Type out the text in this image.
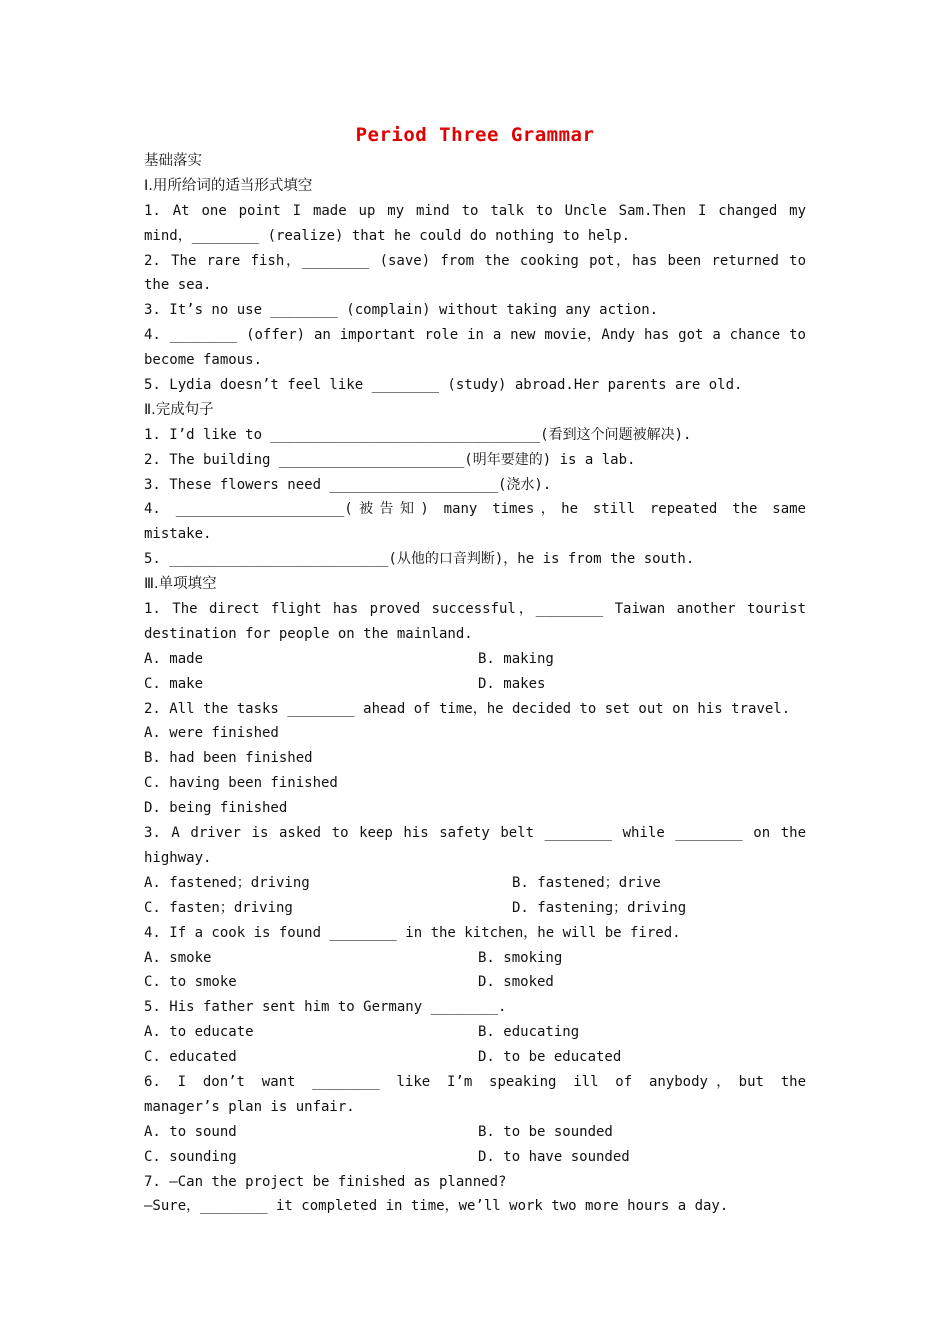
Period Three Grammar
基础落实
Ⅰ.用所给词的适当形式填空
1. At one point I made up my mind to talk to Uncle Sam.Then I changed my
mind，________ (realize) that he could do nothing to help.
2. The rare fish，________ (save) from the cooking pot，has been returned to
the sea.
3. It’s no use ________ (complain) without taking any action.
4. ________ (offer) an important role in a new movie，Andy has got a chance to
become famous.
5. Lydia doesn’t feel like ________ (study) abroad.Her parents are old.
Ⅱ.完成句子
1. I’d like to ________________________________(看到这个问题被解决).
2. The building ______________________(明年要建的) is a lab.
3. These flowers need ____________________(浇水).
4. ____________________(被告知) many times，he still repeated the same
mistake.
5. __________________________(从他的口音判断)，he is from the south.
Ⅲ.单项填空
1. The direct flight has proved successful，________ Taiwan another tourist
destination for people on the mainland.
A. made	B. making
C. make	D. makes
2. All the tasks ________ ahead of time，he decided to set out on his travel.
A. were finished
B. had been finished
C. having been finished
D. being finished
3. A driver is asked to keep his safety belt ________ while ________ on the
highway.
A. fastened；driving	B. fastened；drive
C. fasten；driving	D. fastening；driving
4. If a cook is found ________ in the kitchen，he will be fired.
A. smoke	B. smoking
C. to smoke	D. smoked
5. His father sent him to Germany ________.
A. to educate	B. educating
C. educated	D. to be educated
6. I don’t want ________ like I’m speaking ill of anybody，but the
manager’s plan is unfair.
A. to sound	B. to be sounded
C. sounding	D. to have sounded
7. —Can the project be finished as planned?
—Sure，________ it completed in time，we’ll work two more hours a day.
